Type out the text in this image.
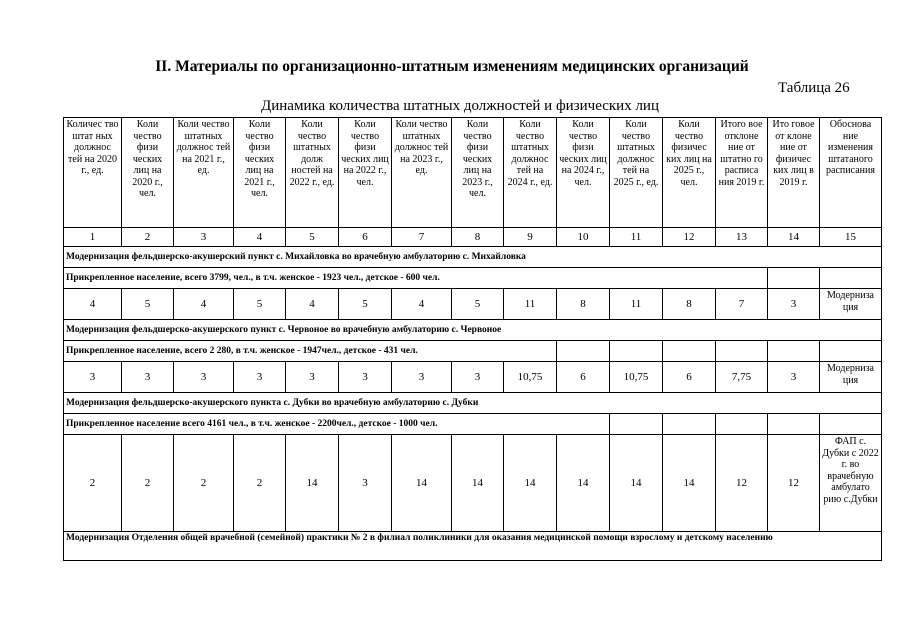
II. Материалы по организационно-штатным изменениям медицинских организаций
Таблица 26
Динамика количества штатных должностей и физических лиц
Количес тво штат ных должнос тей на 2020 г., ед.	Коли чество физи ческих лиц на 2020 г., чел.	Коли чество штатных должнос тей на 2021 г., ед.	Коли чество физи ческих лиц на 2021 г., чел.	Коли чество штатных долж ностей на 2022 г., ед.	Коли чество физи ческих лиц на 2022 г., чел.	Коли чество штатных должнос тей на 2023 г., ед.	Коли чество физи ческих лиц на 2023 г., чел.	Коли чество штатных должнос тей на 2024 г., ед.	Коли чество физи ческих лиц на 2024 г., чел.	Коли чество штатных должнос тей на 2025 г., ед.	Коли чество физичес ких лиц на 2025 г., чел.	Итого вое отклоне ние от штатно го расписа ния 2019 г.	Ито говое от клоне ние от физичес ких лиц в 2019 г.	Обоснова ние изменения штатаного расписания
1	2	3	4	5	6	7	8	9	10	11	12	13	14	15
Модернизация фельдшерско-акушерский пункт с. Михайловка во врачебную амбулаторию с. Михайловка														
Прикрепленное население, всего 3799, чел., в т.ч. женское - 1923 чел., детское - 600 чел.														
4	5	4	5	4	5	4	5	11	8	11	8	7	3	Модерниза ция
Модернизация фельдшерско-акушерского пункт с. Червоное во врачебную амбулаторию с. Червоное														
Прикрепленное население, всего 2 280, в т.ч. женское - 1947чел., детское - 431 чел.														
3	3	3	3	3	3	3	3	10,75	6	10,75	6	7,75	3	Модерниза ция
Модернизация фельдшерско-акушерского пункта с. Дубки во врачебную амбулаторию с. Дубки														
Прикрепленное население всего 4161 чел., в т.ч. женское - 2200чел., детское - 1000 чел.														
2	2	2	2	14	3	14	14	14	14	14	14	12	12	ФАП с. Дубки с 2022 г. во врачебную амбулато рию с.Дубки
Модернизация Отделения общей врачебной (семейной) практики № 2 в филиал поликлиники для оказания медицинской помощи взрослому и детскому населению														
